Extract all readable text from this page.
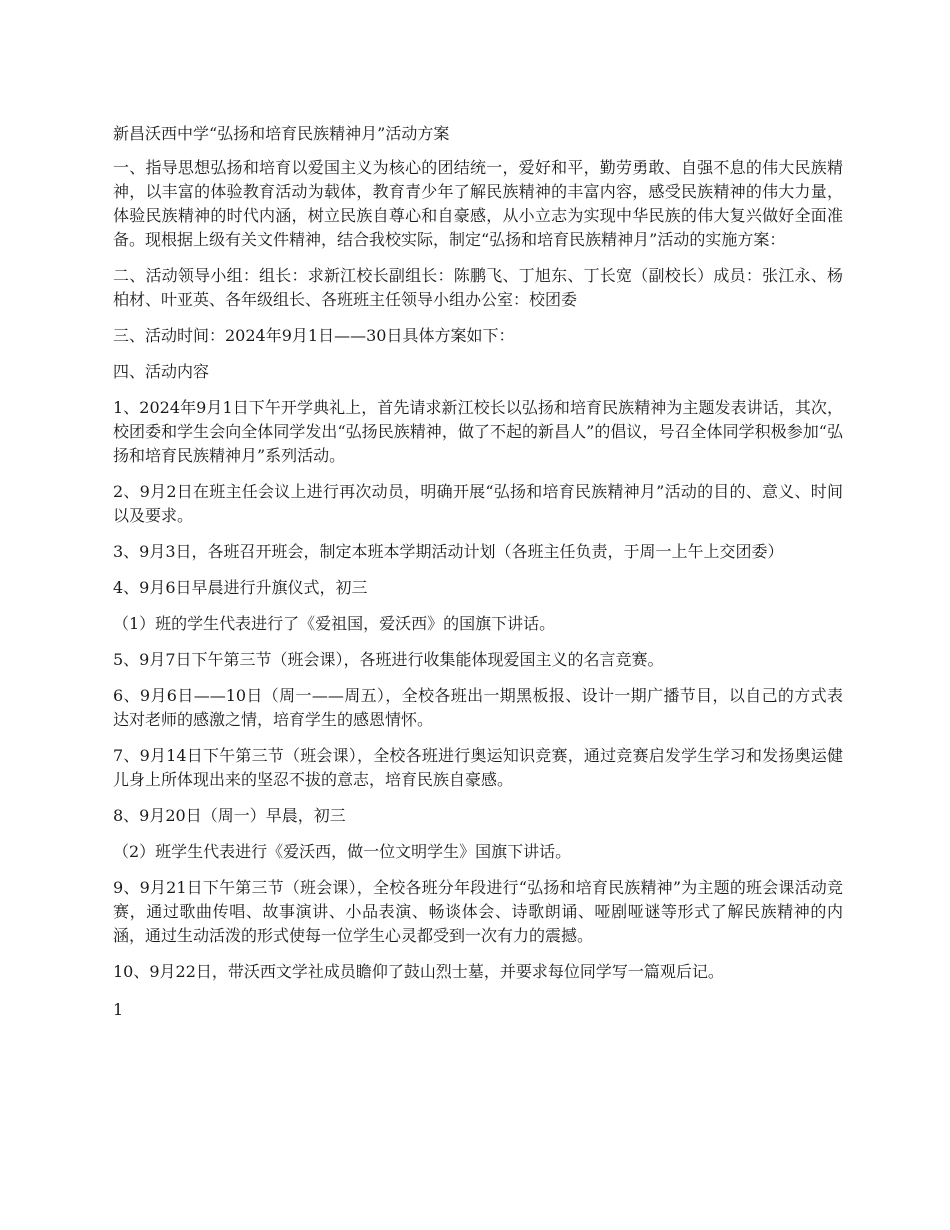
新昌沃西中学“弘扬和培育民族精神月”活动方案

一、指导思想弘扬和培育以爱国主义为核心的团结统一，爱好和平，勤劳勇敢、自强不息的伟大民族精神，以丰富的体验教育活动为载体，教育青少年了解民族精神的丰富内容，感受民族精神的伟大力量，体验民族精神的时代内涵，树立民族自尊心和自豪感，从小立志为实现中华民族的伟大复兴做好全面准备。现根据上级有关文件精神，结合我校实际，制定“弘扬和培育民族精神月”活动的实施方案：

二、活动领导小组：组长：求新江校长副组长：陈鹏飞、丁旭东、丁长宽（副校长）成员：张江永、杨柏材、叶亚英、各年级组长、各班班主任领导小组办公室：校团委

三、活动时间：2024年9月1日——30日具体方案如下：

四、活动内容

1、2024年9月1日下午开学典礼上，首先请求新江校长以弘扬和培育民族精神为主题发表讲话，其次，校团委和学生会向全体同学发出“弘扬民族精神，做了不起的新昌人”的倡议，号召全体同学积极参加“弘扬和培育民族精神月”系列活动。

2、9月2日在班主任会议上进行再次动员，明确开展“弘扬和培育民族精神月”活动的目的、意义、时间以及要求。

3、9月3日，各班召开班会，制定本班本学期活动计划（各班主任负责，于周一上午上交团委）

4、9月6日早晨进行升旗仪式，初三

（1）班的学生代表进行了《爱祖国，爱沃西》的国旗下讲话。

5、9月7日下午第三节（班会课），各班进行收集能体现爱国主义的名言竞赛。

6、9月6日——10日（周一——周五），全校各班出一期黑板报、设计一期广播节目，以自己的方式表达对老师的感激之情，培育学生的感恩情怀。

7、9月14日下午第三节（班会课），全校各班进行奥运知识竞赛，通过竞赛启发学生学习和发扬奥运健儿身上所体现出来的坚忍不拔的意志，培育民族自豪感。

8、9月20日（周一）早晨，初三

（2）班学生代表进行《爱沃西，做一位文明学生》国旗下讲话。

9、9月21日下午第三节（班会课），全校各班分年段进行“弘扬和培育民族精神”为主题的班会课活动竞赛，通过歌曲传唱、故事演讲、小品表演、畅谈体会、诗歌朗诵、哑剧哑谜等形式了解民族精神的内涵，通过生动活泼的形式使每一位学生心灵都受到一次有力的震撼。

10、9月22日，带沃西文学社成员瞻仰了鼓山烈士墓，并要求每位同学写一篇观后记。

1
